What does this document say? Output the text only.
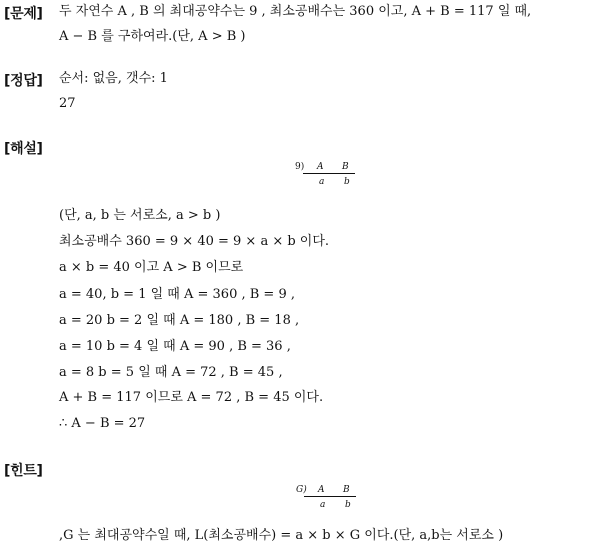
[문제] 두 자연수 A , B 의 최대공약수는 9 , 최소공배수는 360 이고, A + B = 117 일 때,
A − B 를 구하여라.(단, A > B )
[정답] 순서: 없음, 갯수: 1
27
[해설]
9) A B
a b
(단, a, b 는 서로소, a > b )
최소공배수 360 = 9 × 40 = 9 × a × b 이다.
a × b = 40 이고 A > B 이므로
a = 40, b = 1 일 때 A = 360 , B = 9 ,
a = 20 b = 2 일 때 A = 180 , B = 18 ,
a = 10 b = 4 일 때 A = 90 , B = 36 ,
a = 8 b = 5 일 때 A = 72 , B = 45 ,
A + B = 117 이므로 A = 72 , B = 45 이다.
∴ A − B = 27
[힌트]
G) A B
a b
,G 는 최대공약수일 때, L(최소공배수) = a × b × G 이다.(단, a,b는 서로소 )
